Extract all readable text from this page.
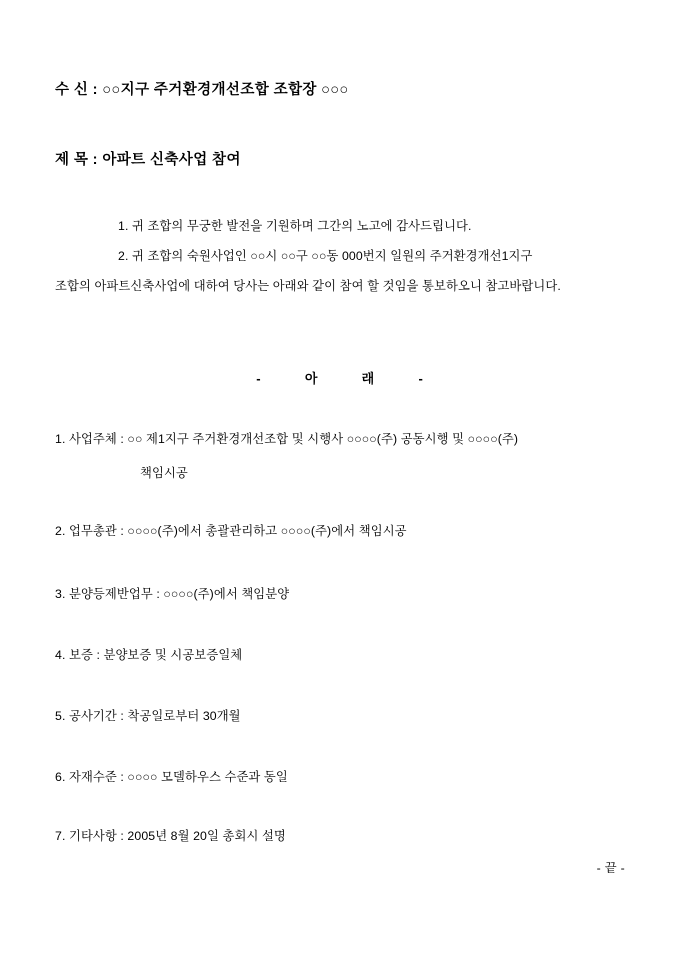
수 신 : ○○지구 주거환경개선조합 조합장 ○○○
제 목 : 아파트 신축사업 참여
1. 귀 조합의 무궁한 발전을 기원하며 그간의 노고에 감사드립니다.
2. 귀 조합의 숙원사업인 ○○시 ○○구 ○○동 000번지 일원의 주거환경개선1지구
조합의 아파트신축사업에 대하여 당사는 아래와 같이 참여 할 것임을 통보하오니 참고바랍니다.
-	아	래	-
1. 사업주체 : ○○ 제1지구 주거환경개선조합 및 시행사 ○○○○(주) 공동시행 및 ○○○○(주)
책임시공
2. 업무총관 : ○○○○(주)에서 총괄관리하고 ○○○○(주)에서 책임시공
3. 분양등제반업무 : ○○○○(주)에서 책임분양
4. 보증 : 분양보증 및 시공보증일체
5. 공사기간 : 착공일로부터 30개월
6. 자재수준 : ○○○○ 모델하우스 수준과 동일
7. 기타사항 : 2005년 8월 20일 총회시 설명
- 끝 -
